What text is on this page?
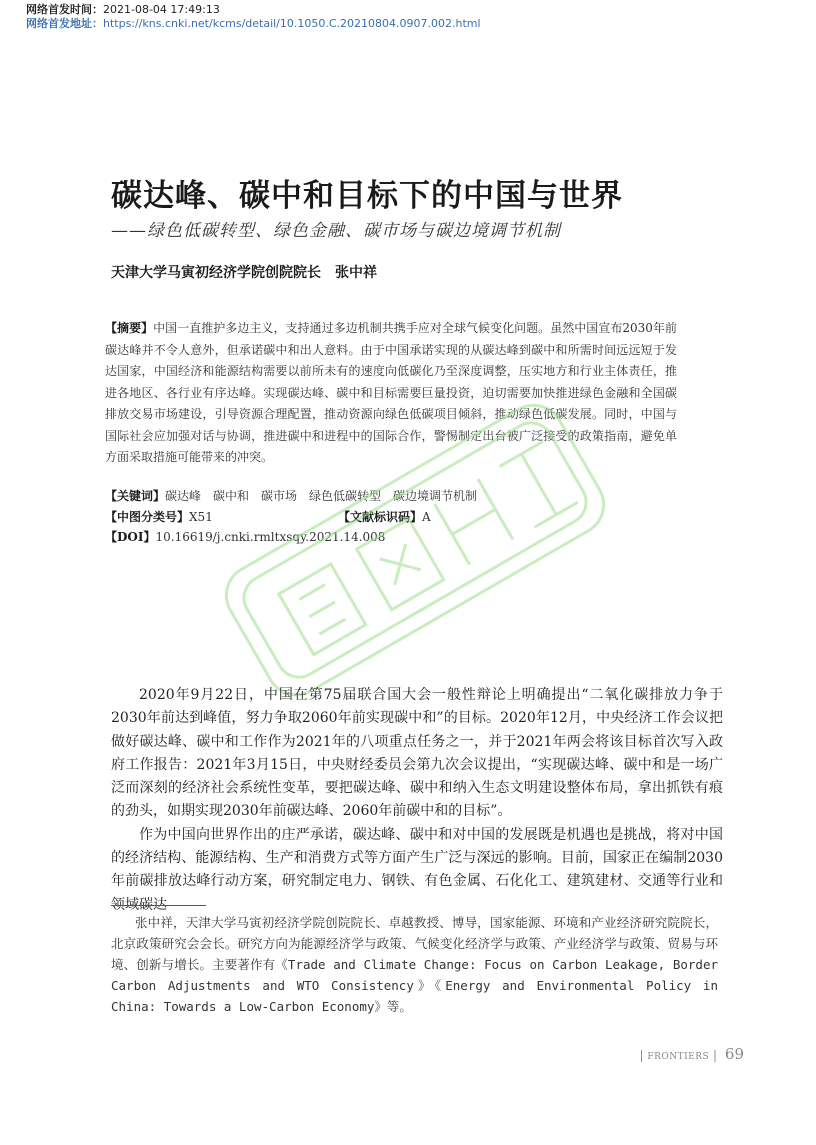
网络首发时间：2021-08-04 17:49:13
网络首发地址：https://kns.cnki.net/kcms/detail/10.1050.C.20210804.0907.002.html
碳达峰、碳中和目标下的中国与世界
——绿色低碳转型、绿色金融、碳市场与碳边境调节机制
天津大学马寅初经济学院创院院长　张中祥
【摘要】中国一直推护多边主义，支持通过多边机制共携手应对全球气候变化问题。虽然中国宣布2030年前碳达峰并不令人意外，但承诺碳中和出人意料。由于中国承诺实现的从碳达峰到碳中和所需时间远远短于发达国家，中国经济和能源结构需要以前所未有的速度向低碳化乃至深度调整，压实地方和行业主体责任，推进各地区、各行业有序达峰。实现碳达峰、碳中和目标需要巨量投资，迫切需要加快推进绿色金融和全国碳排放交易市场建设，引导资源合理配置，推动资源向绿色低碳项目倾斜，推动绿色低碳发展。同时，中国与国际社会应加强对话与协调，推进碳中和进程中的国际合作，警惕制定出台被广泛接受的政策指南，避免单方面采取措施可能带来的冲突。
【关键词】碳达峰　碳中和　碳市场　绿色低碳转型　碳边境调节机制
【中图分类号】X51	【文献标识码】A
【DOI】10.16619/j.cnki.rmltxsqy.2021.14.008

2020年9月22日，中国在第75届联合国大会一般性辩论上明确提出“二氧化碳排放力争于2030年前达到峰值，努力争取2060年前实现碳中和”的目标。2020年12月，中央经济工作会议把做好碳达峰、碳中和工作作为2021年的八项重点任务之一，并于2021年两会将该目标首次写入政府工作报告：2021年3月15日，中央财经委员会第九次会议提出，“实现碳达峰、碳中和是一场广泛而深刻的经济社会系统性变革，要把碳达峰、碳中和纳入生态文明建设整体布局，拿出抓铁有痕的劲头，如期实现2030年前碳达峰、2060年前碳中和的目标”。

作为中国向世界作出的庄严承诺，碳达峰、碳中和对中国的发展既是机遇也是挑战，将对中国的经济结构、能源结构、生产和消费方式等方面产生广泛与深远的影响。目前，国家正在编制2030年前碳排放达峰行动方案，研究制定电力、钢铁、有色金属、石化化工、建筑建材、交通等行业和领域碳达

张中祥，天津大学马寅初经济学院创院院长、卓越教授、博导，国家能源、环境和产业经济研究院院长，北京政策研究会会长。研究方向为能源经济学与政策、气候变化经济学与政策、产业经济学与政策、贸易与环境、创新与增长。主要著作有《Trade and Climate Change: Focus on Carbon Leakage, Border Carbon Adjustments and WTO Consistency》《Energy and Environmental Policy in China: Towards a Low-Carbon Economy》等。
| FRONTIERS | 69
